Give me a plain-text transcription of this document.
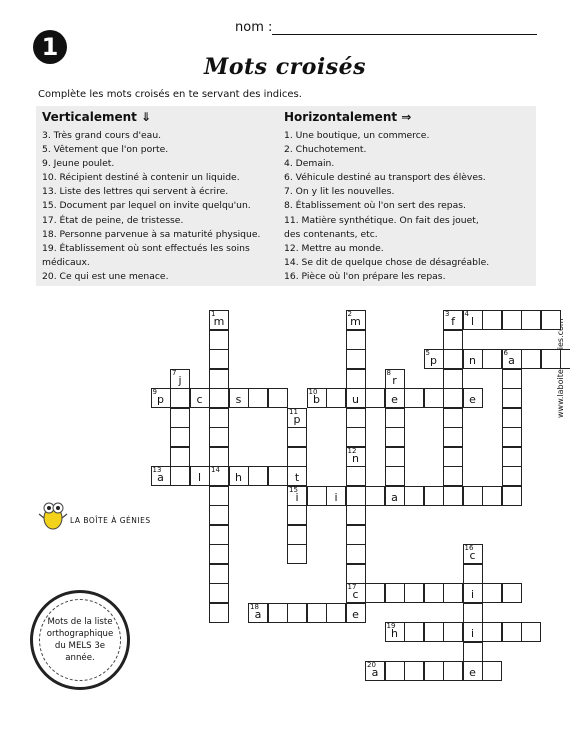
1
nom :
Mots croisés
Complète les mots croisés en te servant des indices.
Verticalement ⇓
3. Très grand cours d'eau.
5. Vêtement que l'on porte.
9. Jeune poulet.
10. Récipient destiné à contenir un liquide.
13. Liste des lettres qui servent à écrire.
15. Document par lequel on invite quelqu'un.
17. État de peine, de tristesse.
18. Personne parvenue à sa maturité physique.
19. Établissement où sont effectués les soins
médicaux.
20. Ce qui est une menace.
Horizontalement ⇒
1. Une boutique, un commerce.
2. Chuchotement.
4. Demain.
6. Véhicule destiné au transport des élèves.
7. On y lit les nouvelles.
8. Établissement où l'on sert des repas.
11. Matière synthétique. On fait des jouet,
des contenants, etc.
12. Mettre au monde.
14. Se dit de quelque chose de désagréable.
16. Pièce où l'on prépare les repas.
LA BOÎTE À GÉNIES
Mots de la liste orthographique du MELS 3e année.
1
m
2
m
3
f
4
l
5
p	n
6
a
7
j
8
r
9
p	c	s
10
b	u	e	e
11
p
12
n
13
a	l
14
h	t
15
i	i	a
16
c
17
c	i
18
a	e
19
h	i
20
a	e
